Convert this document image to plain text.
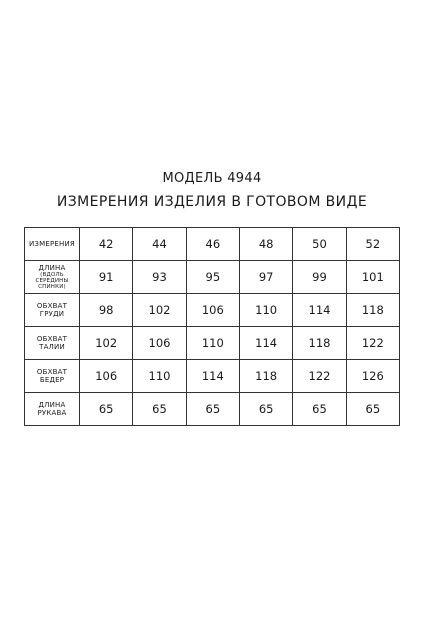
МОДЕЛЬ 4944
ИЗМЕРЕНИЯ ИЗДЕЛИЯ В ГОТОВОМ ВИДЕ
ИЗМЕРЕНИЯ	42	44	46	48	50	52

ДЛИНА
(ВДОЛЬ СЕРЕДИНЫ СПИНКИ)	91	93	95	97	99	101

ОБХВАТ ГРУДИ	98	102	106	110	114	118

ОБХВАТ ТАЛИИ	102	106	110	114	118	122

ОБХВАТ БЕДЕР	106	110	114	118	122	126

ДЛИНА РУКАВА	65	65	65	65	65	65
